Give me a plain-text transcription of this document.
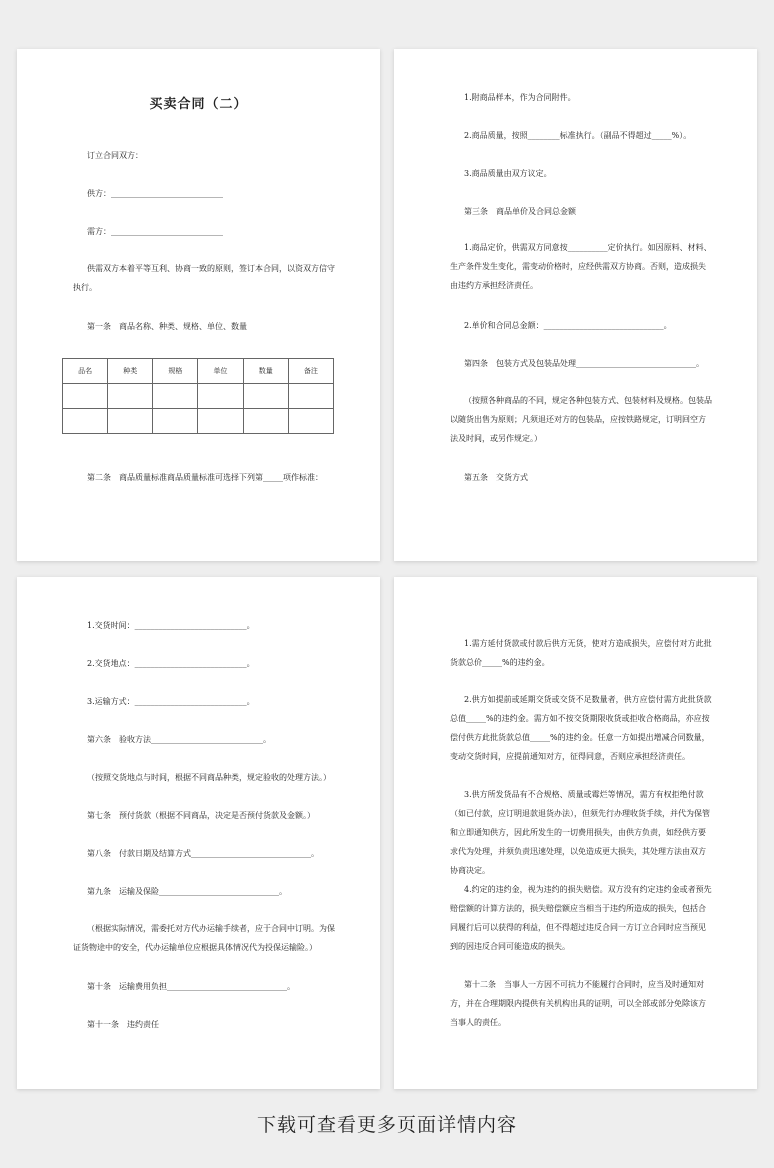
买卖合同（二）
订立合同双方：
供方：____________________________
需方：____________________________
供需双方本着平等互利、协商一致的原则，签订本合同，以资双方信守执行。
第一条　商品名称、种类、规格、单位、数量
品名	种类	规格	单位	数量	备注

第二条　商品质量标准商品质量标准可选择下列第_____项作标准：
1.附商品样本，作为合同附件。
2.商品质量，按照________标准执行。（副品不得超过_____%）。
3.商品质量由双方议定。
第三条　商品单价及合同总金额
1.商品定价，供需双方同意按__________定价执行。如因原料、材料、生产条件发生变化，需变动价格时，应经供需双方协商。否则，造成损失由违约方承担经济责任。
2.单价和合同总金额：______________________________。
第四条　包装方式及包装品处理______________________________。
（按照各种商品的不同，规定各种包装方式、包装材料及规格。包装品以随货出售为原则；凡须退还对方的包装品，应按铁路规定，订明回空方法及时间，或另作规定。）
第五条　交货方式
1.交货时间：____________________________。
2.交货地点：____________________________。
3.运输方式：____________________________。
第六条　验收方法____________________________。
（按照交货地点与时间，根据不同商品种类，规定验收的处理方法。）
第七条　预付货款（根据不同商品，决定是否预付货款及金额。）
第八条　付款日期及结算方式______________________________。
第九条　运输及保险______________________________。
（根据实际情况，需委托对方代办运输手续者，应于合同中订明。为保证货物途中的安全，代办运输单位应根据具体情况代为投保运输险。）
第十条　运输费用负担______________________________。
第十一条　违约责任
1.需方延付货款或付款后供方无货，使对方造成损失，应偿付对方此批货款总价_____%的违约金。
2.供方如提前或延期交货或交货不足数量者，供方应偿付需方此批货款总值_____%的违约金。需方如不按交货期限收货或拒收合格商品，亦应按偿付供方此批货款总值_____%的违约金。任意一方如提出增减合同数量，变动交货时间，应提前通知对方，征得同意，否则应承担经济责任。
3.供方所发货品有不合规格、质量或霉烂等情况，需方有权拒绝付款（如已付款，应订明退款退货办法），但须先行办理收货手续，并代为保管和立即通知供方，因此所发生的一切费用损失，由供方负责，如经供方要求代为处理，并须负责迅速处理，以免造成更大损失，其处理方法由双方协商决定。
4.约定的违约金，视为违约的损失赔偿。双方没有约定违约金或者预先赔偿额的计算方法的，损失赔偿额应当相当于违约所造成的损失，包括合同履行后可以获得的利益，但不得超过违反合同一方订立合同时应当预见到的因违反合同可能造成的损失。
第十二条　当事人一方因不可抗力不能履行合同时，应当及时通知对方，并在合理期限内提供有关机构出具的证明，可以全部或部分免除该方当事人的责任。
下载可查看更多页面详情内容
